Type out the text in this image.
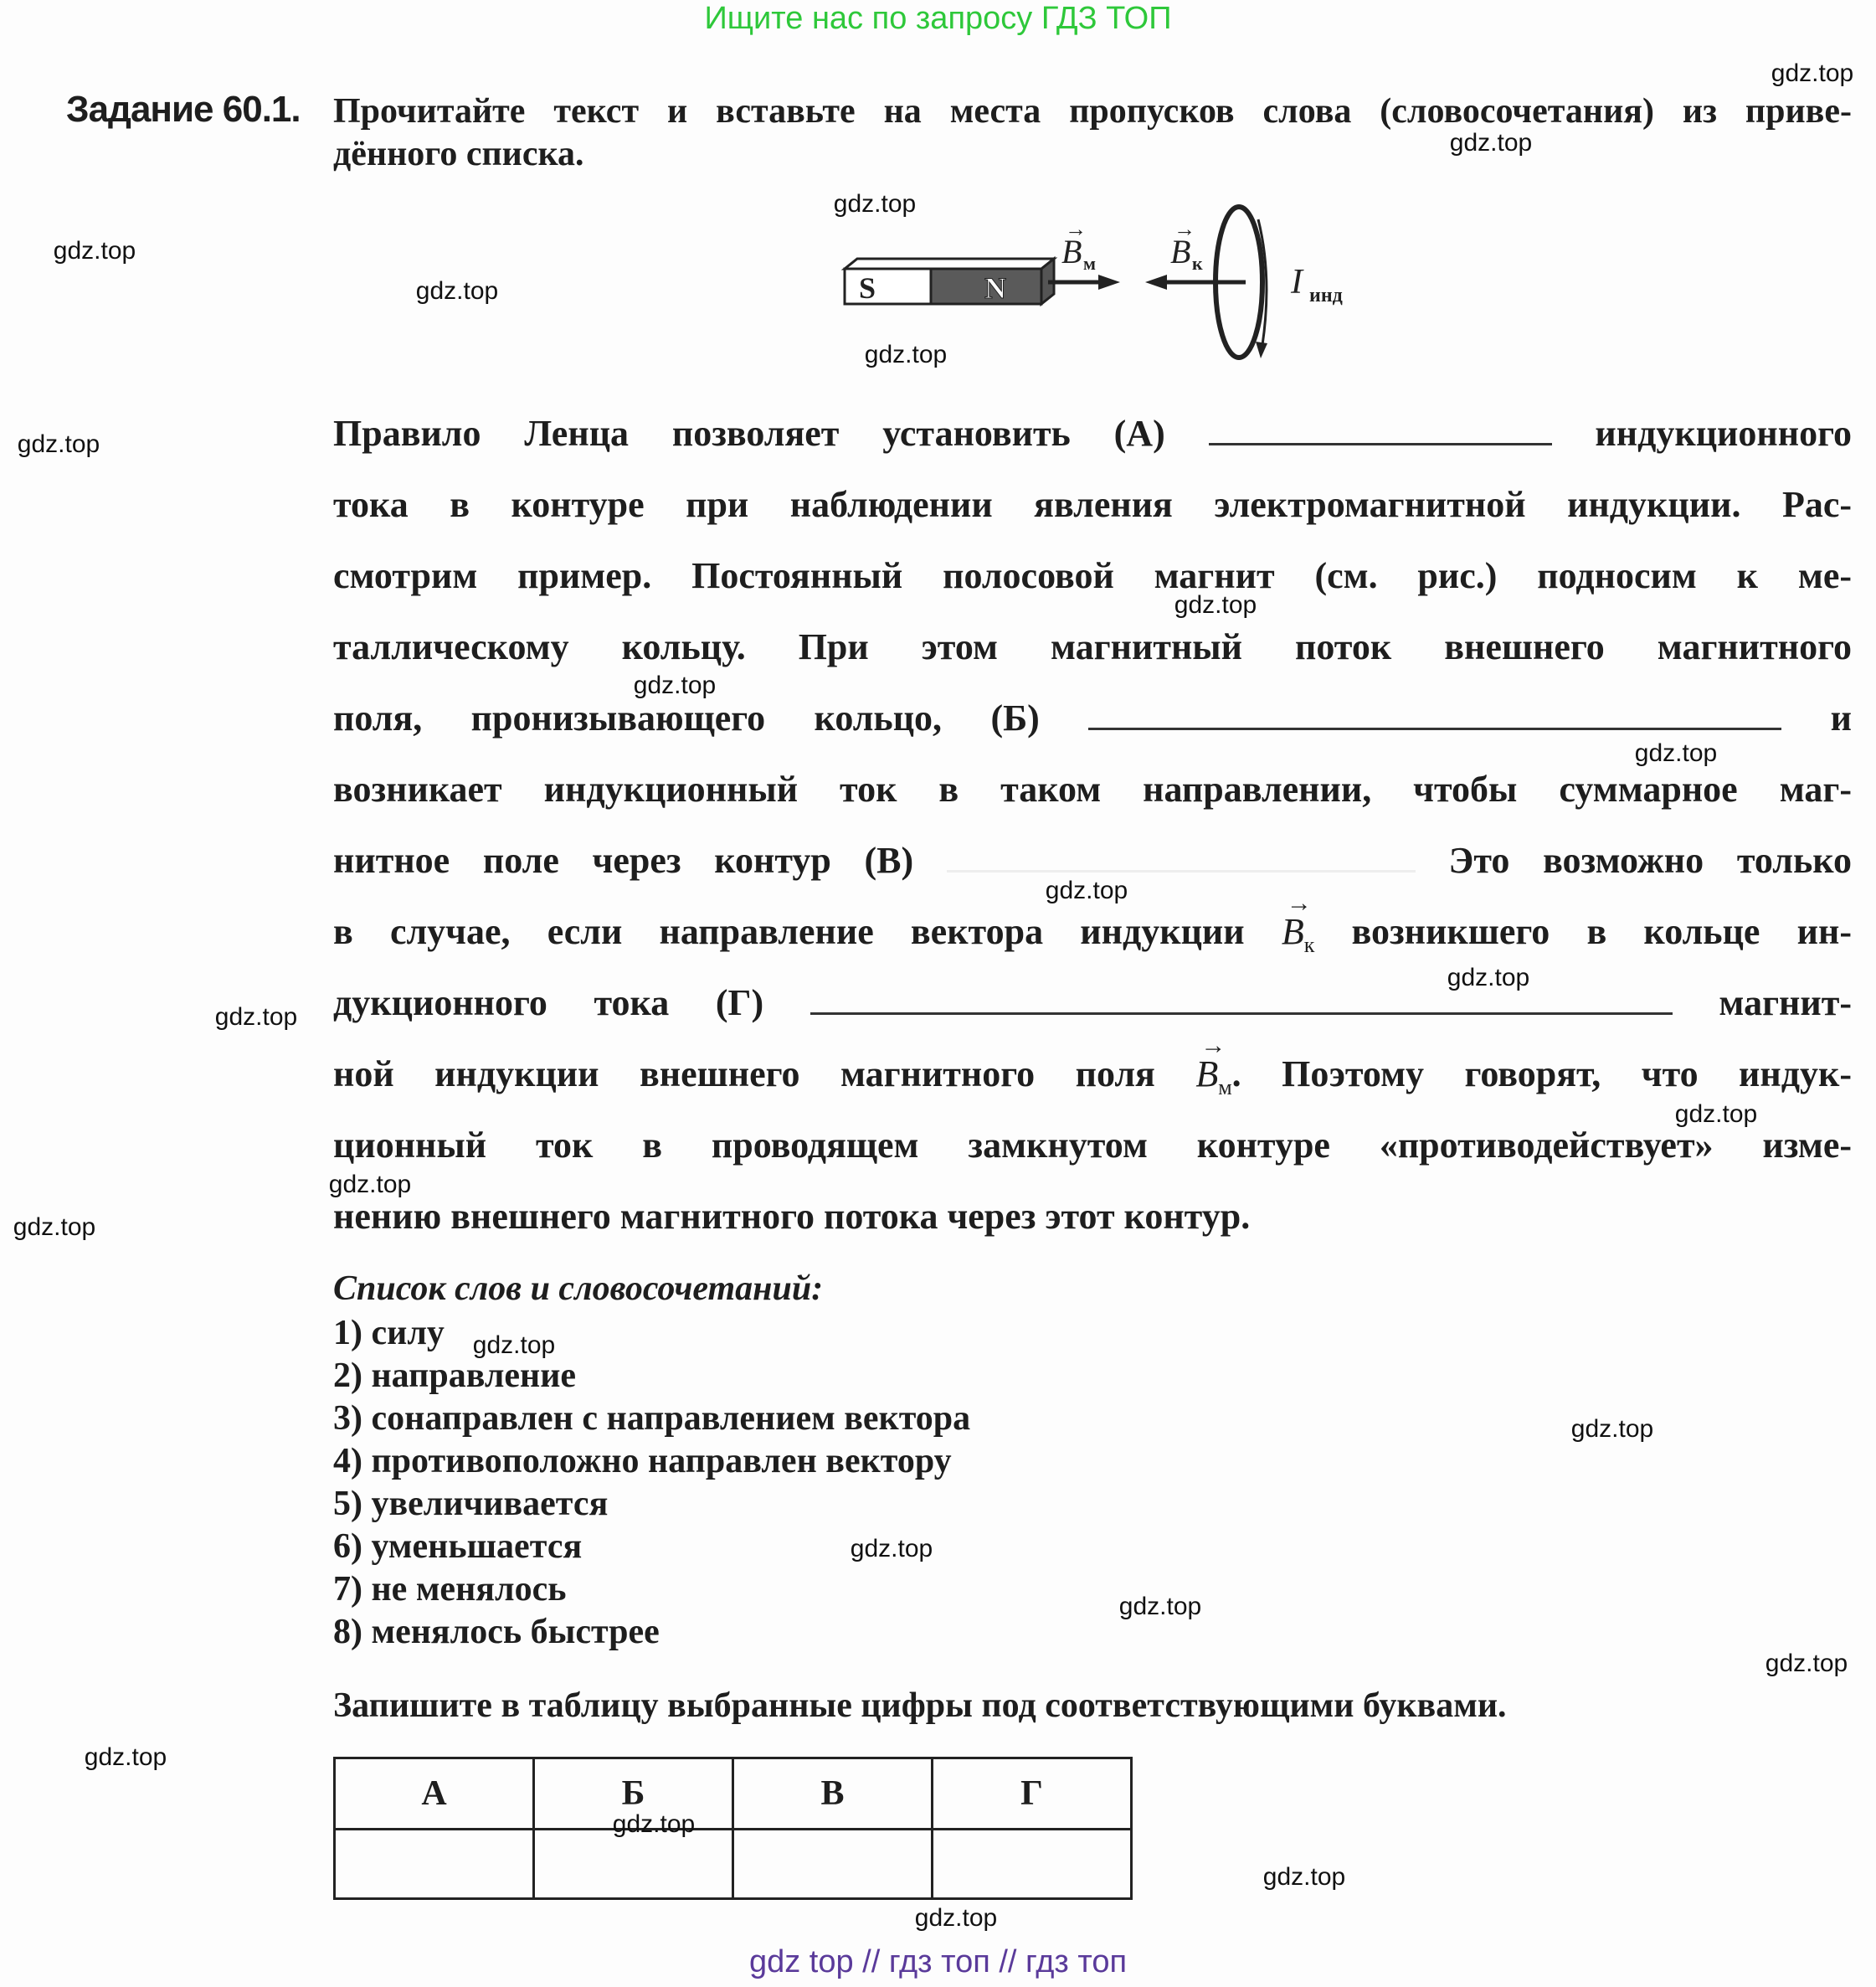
Ищите нас по запросу ГДЗ ТОП
Задание 60.1. Прочитайте текст и вставьте на места пропусков слова (словосочетания) из приве-
дённого списка.
S	N
B м
→
B к
→
I инд
Правило Ленца позволяет установить (А)	индукционного
тока в контуре при наблюдении явления электромагнитной индукции. Рас-
смотрим пример. Постоянный полосовой магнит (см. рис.) подносим к ме-
таллическому кольцу. При этом магнитный поток внешнего магнитного
поля, пронизывающего кольцо, (Б)	и
возникает индукционный ток в таком направлении, чтобы суммарное маг-
нитное поле через контур (В)	Это возможно только
в случае, если направление вектора индукции
→
$B_к$ возникшего в кольце ин-
дукционного тока (Г)	магнит-
ной индукции внешнего магнитного поля
→
$B_м$. Поэтому говорят, что индук-
ционный ток в проводящем замкнутом контуре «противодействует» изме-
нению внешнего магнитного потока через этот контур.
Список слов и словосочетаний:
1) силу
2) направление
3) сонаправлен с направлением вектора
4) противоположно направлен вектору
5) увеличивается
6) уменьшается
7) не менялось
8) менялось быстрее
Запишите в таблицу выбранные цифры под соответствующими буквами.
А	Б	В	Г

gdz top // гдз топ // гдз топ
gdz.top
gdz.top
gdz.top
gdz.top
gdz.top
gdz.top
gdz.top
gdz.top
gdz.top
gdz.top
gdz.top
gdz.top
gdz.top
gdz.top
gdz.top
gdz.top
gdz.top
gdz.top
gdz.top
gdz.top
gdz.top
gdz.top
gdz.top
gdz.top
gdz.top
